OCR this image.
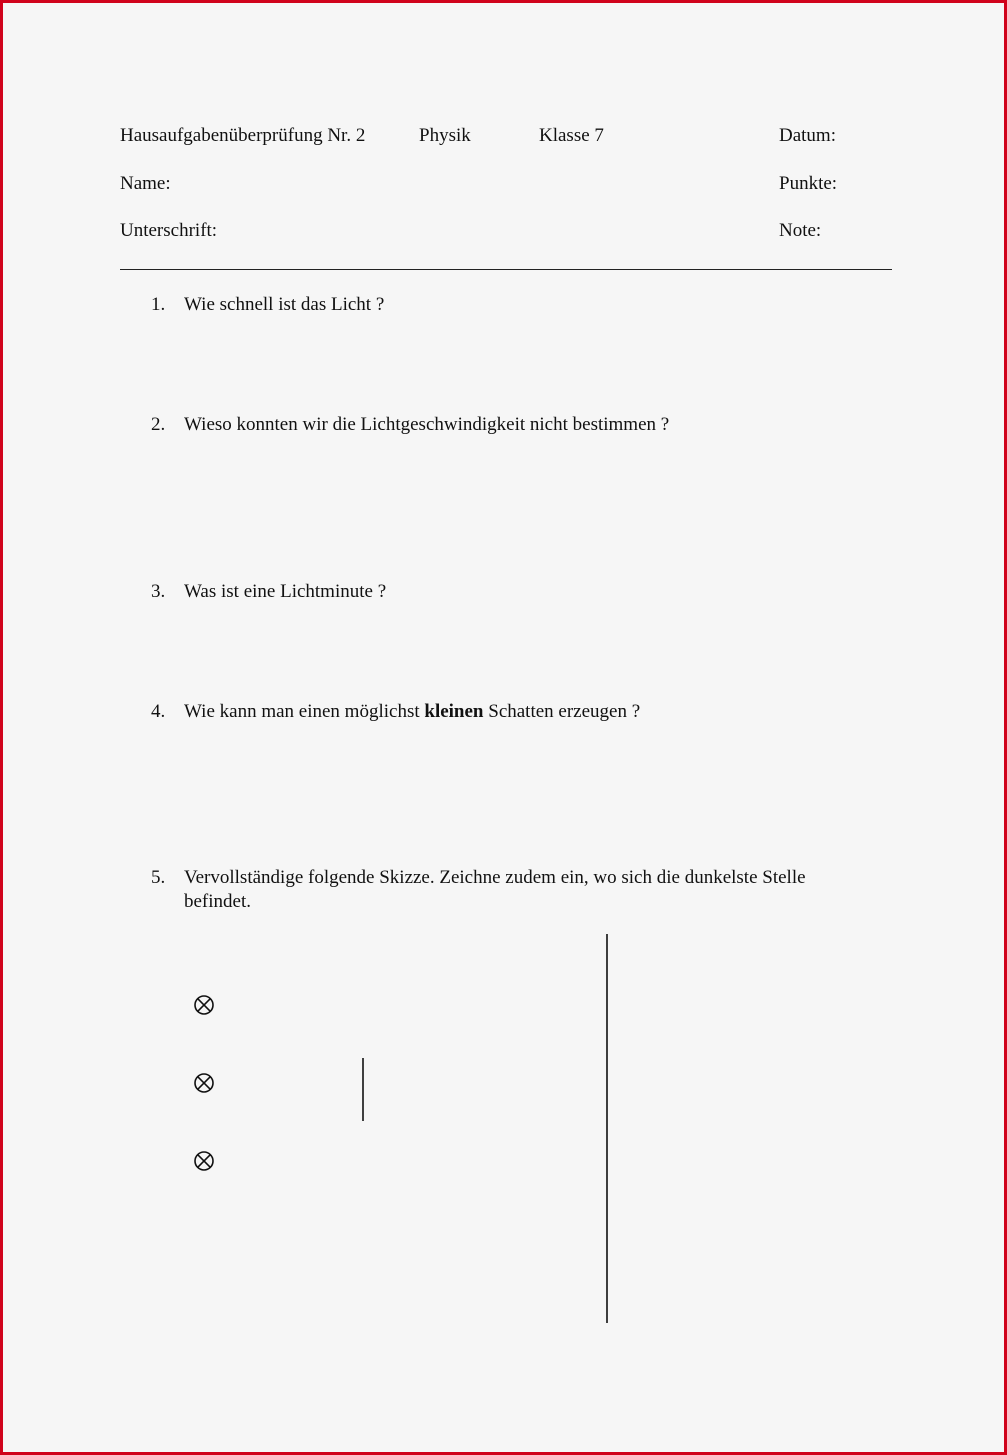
Hausaufgabenüberprüfung Nr. 2	Physik	Klasse 7	Datum:
Name:	Punkte:
Unterschrift:	Note:
1. Wie schnell ist das Licht ?
2. Wieso konnten wir die Lichtgeschwindigkeit nicht bestimmen ?
3. Was ist eine Lichtminute ?
4. Wie kann man einen möglichst kleinen Schatten erzeugen ?
5. Vervollständige folgende Skizze. Zeichne zudem ein, wo sich die dunkelste Stelle befindet.
